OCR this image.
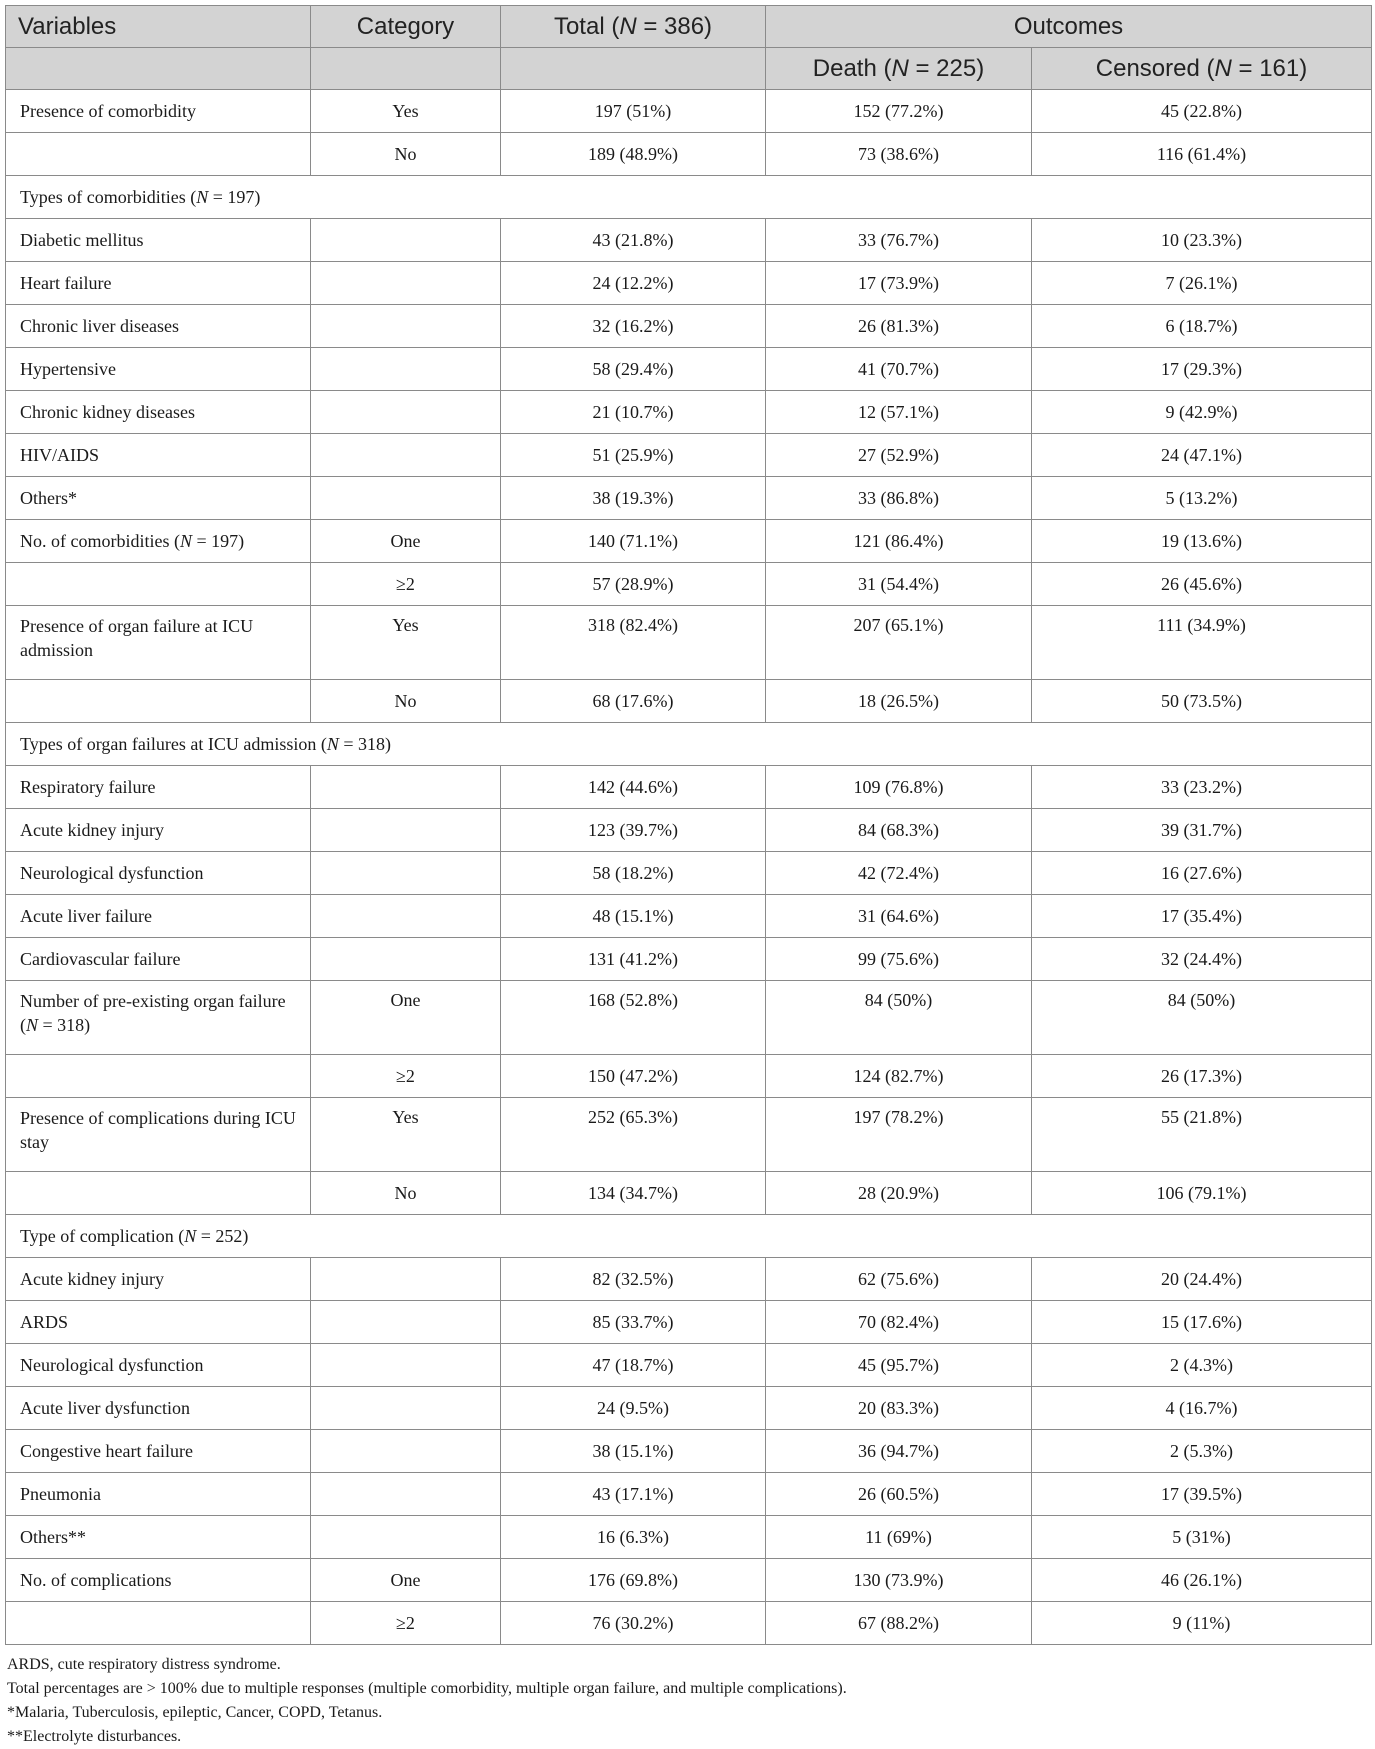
Variables	Category	Total (N = 386)	Outcomes	
			Death (N = 225)	Censored (N = 161)
Presence of comorbidity	Yes	197 (51%)	152 (77.2%)	45 (22.8%)
	No	189 (48.9%)	73 (38.6%)	116 (61.4%)
Types of comorbidities (N = 197)				
Diabetic mellitus		43 (21.8%)	33 (76.7%)	10 (23.3%)
Heart failure		24 (12.2%)	17 (73.9%)	7 (26.1%)
Chronic liver diseases		32 (16.2%)	26 (81.3%)	6 (18.7%)
Hypertensive		58 (29.4%)	41 (70.7%)	17 (29.3%)
Chronic kidney diseases		21 (10.7%)	12 (57.1%)	9 (42.9%)
HIV/AIDS		51 (25.9%)	27 (52.9%)	24 (47.1%)
Others*		38 (19.3%)	33 (86.8%)	5 (13.2%)
No. of comorbidities (N = 197)	One	140 (71.1%)	121 (86.4%)	19 (13.6%)
	≥2	57 (28.9%)	31 (54.4%)	26 (45.6%)
Presence of organ failure at ICU admission	Yes	318 (82.4%)	207 (65.1%)	111 (34.9%)
	No	68 (17.6%)	18 (26.5%)	50 (73.5%)
Types of organ failures at ICU admission (N = 318)				
Respiratory failure		142 (44.6%)	109 (76.8%)	33 (23.2%)
Acute kidney injury		123 (39.7%)	84 (68.3%)	39 (31.7%)
Neurological dysfunction		58 (18.2%)	42 (72.4%)	16 (27.6%)
Acute liver failure		48 (15.1%)	31 (64.6%)	17 (35.4%)
Cardiovascular failure		131 (41.2%)	99 (75.6%)	32 (24.4%)
Number of pre-existing organ failure (N = 318)	One	168 (52.8%)	84 (50%)	84 (50%)
	≥2	150 (47.2%)	124 (82.7%)	26 (17.3%)
Presence of complications during ICU stay	Yes	252 (65.3%)	197 (78.2%)	55 (21.8%)
	No	134 (34.7%)	28 (20.9%)	106 (79.1%)
Type of complication (N = 252)				
Acute kidney injury		82 (32.5%)	62 (75.6%)	20 (24.4%)
ARDS		85 (33.7%)	70 (82.4%)	15 (17.6%)
Neurological dysfunction		47 (18.7%)	45 (95.7%)	2 (4.3%)
Acute liver dysfunction		24 (9.5%)	20 (83.3%)	4 (16.7%)
Congestive heart failure		38 (15.1%)	36 (94.7%)	2 (5.3%)
Pneumonia		43 (17.1%)	26 (60.5%)	17 (39.5%)
Others**		16 (6.3%)	11 (69%)	5 (31%)
No. of complications	One	176 (69.8%)	130 (73.9%)	46 (26.1%)
	≥2	76 (30.2%)	67 (88.2%)	9 (11%)
ARDS, cute respiratory distress syndrome.
Total percentages are > 100% due to multiple responses (multiple comorbidity, multiple organ failure, and multiple complications).
*Malaria, Tuberculosis, epileptic, Cancer, COPD, Tetanus.
**Electrolyte disturbances.
